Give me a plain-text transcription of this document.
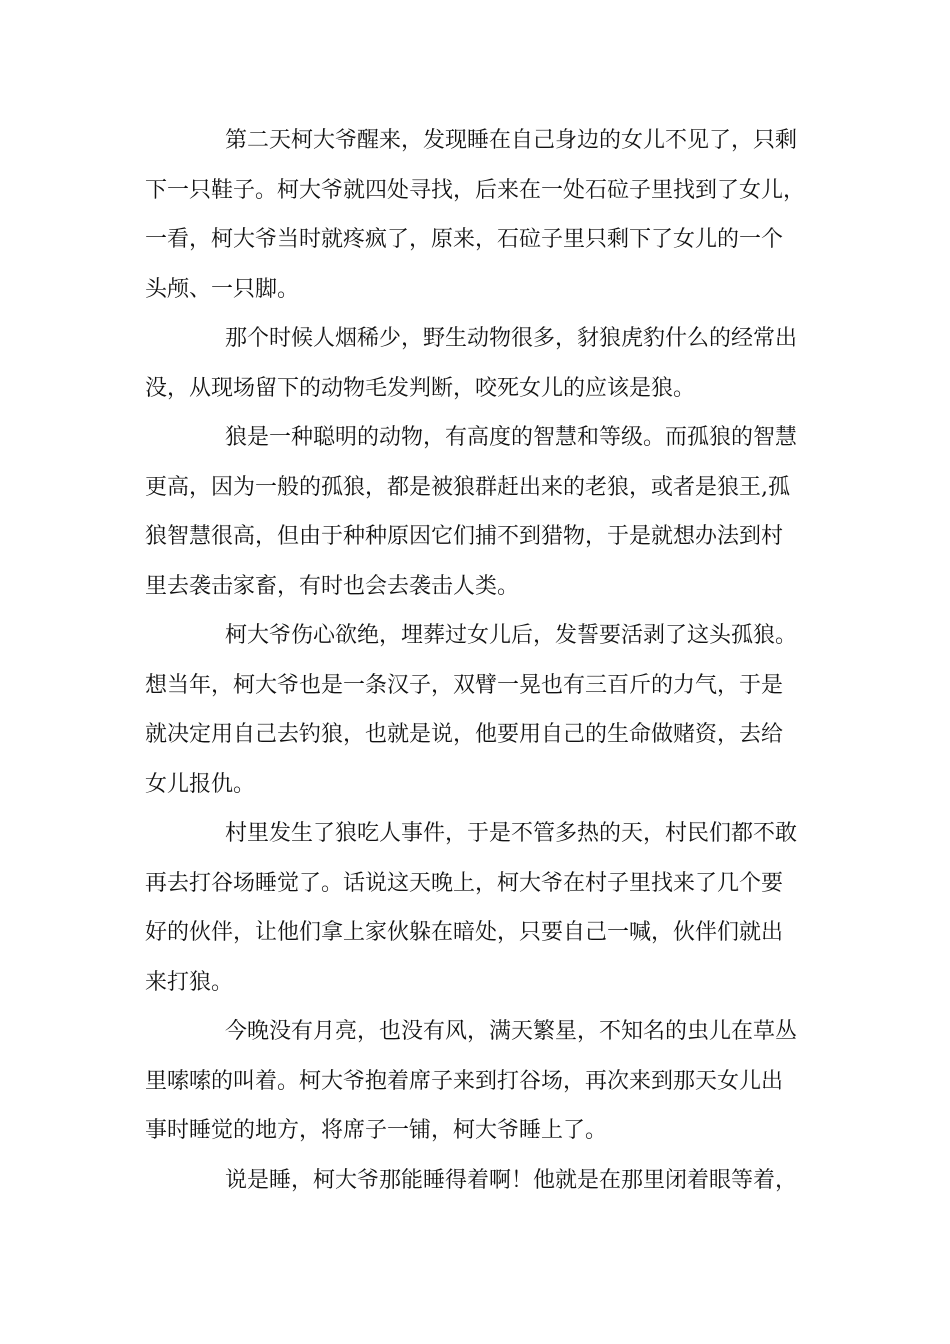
第二天柯大爷醒来，发现睡在自己身边的女儿不见了，只剩
下一只鞋子。柯大爷就四处寻找，后来在一处石砬子里找到了女儿，
一看，柯大爷当时就疼疯了，原来，石砬子里只剩下了女儿的一个
头颅、一只脚。
那个时候人烟稀少，野生动物很多，豺狼虎豹什么的经常出
没，从现场留下的动物毛发判断，咬死女儿的应该是狼。
狼是一种聪明的动物，有高度的智慧和等级。而孤狼的智慧
更高，因为一般的孤狼，都是被狼群赶出来的老狼，或者是狼王,孤
狼智慧很高，但由于种种原因它们捕不到猎物，于是就想办法到村
里去袭击家畜，有时也会去袭击人类。
柯大爷伤心欲绝，埋葬过女儿后，发誓要活剥了这头孤狼。
想当年，柯大爷也是一条汉子，双臂一晃也有三百斤的力气，于是
就决定用自己去钓狼，也就是说，他要用自己的生命做赌资，去给
女儿报仇。
村里发生了狼吃人事件，于是不管多热的天，村民们都不敢
再去打谷场睡觉了。话说这天晚上，柯大爷在村子里找来了几个要
好的伙伴，让他们拿上家伙躲在暗处，只要自己一喊，伙伴们就出
来打狼。
今晚没有月亮，也没有风，满天繁星，不知名的虫儿在草丛
里嗦嗦的叫着。柯大爷抱着席子来到打谷场，再次来到那天女儿出
事时睡觉的地方，将席子一铺，柯大爷睡上了。
说是睡，柯大爷那能睡得着啊！他就是在那里闭着眼等着，
